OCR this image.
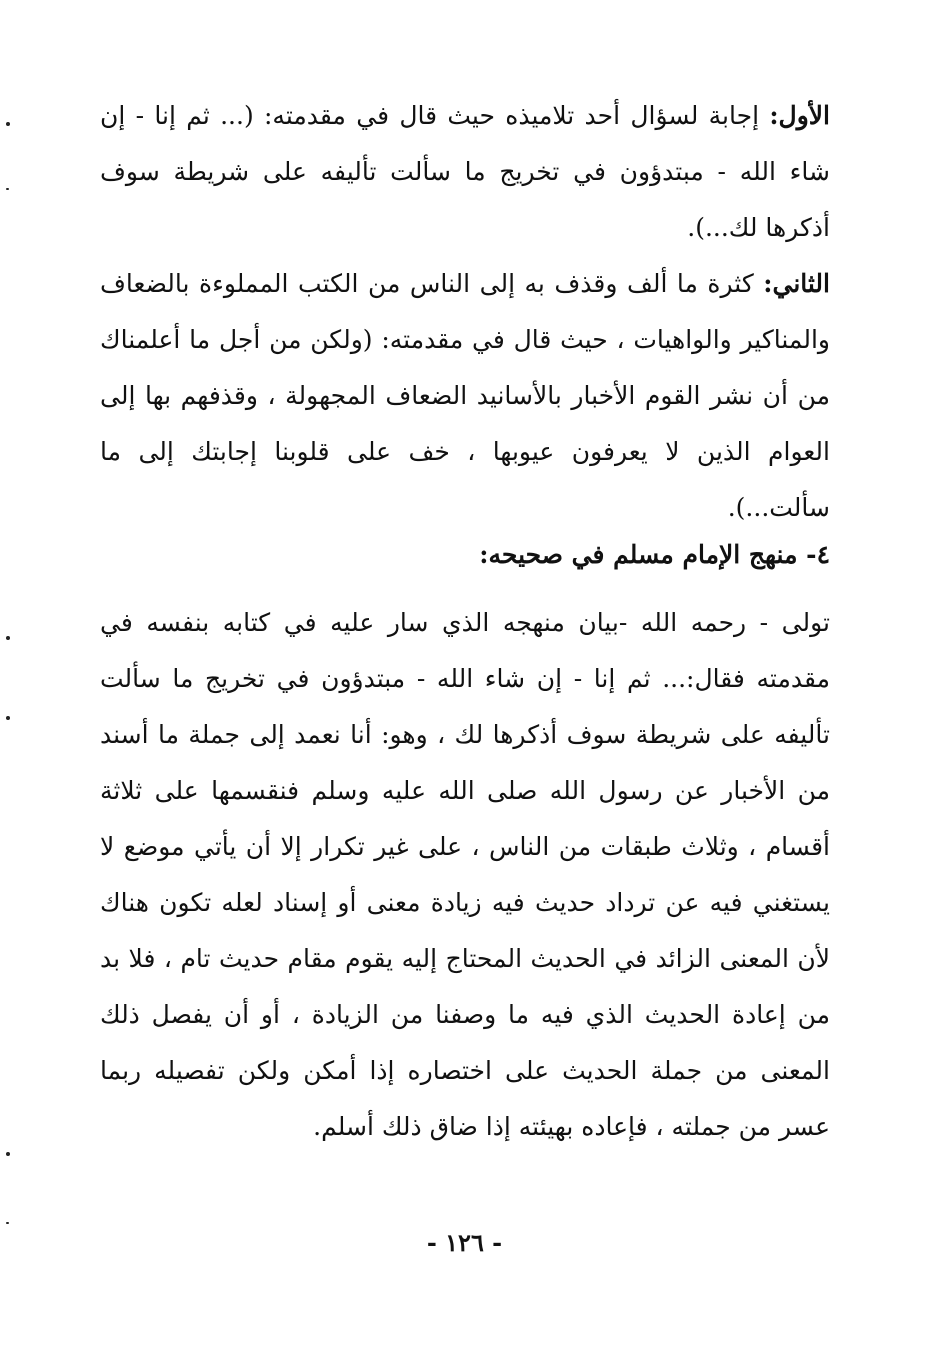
الأول: إجابة لسؤال أحد تلاميذه حيث قال في مقدمته: (... ثم إنا - إن شاء الله - مبتدؤون في تخريج ما سألت تأليفه على شريطة سوف أذكرها لك...).
الثاني: كثرة ما ألف وقذف به إلى الناس من الكتب المملوءة بالضعاف والمناكير والواهيات ، حيث قال في مقدمته: (ولكن من أجل ما أعلمناك من أن نشر القوم الأخبار بالأسانيد الضعاف المجهولة ، وقذفهم بها إلى العوام الذين لا يعرفون عيوبها ، خف على قلوبنا إجابتك إلى ما سألت...).
٤- منهج الإمام مسلم في صحيحه:
تولى - رحمه الله -بيان منهجه الذي سار عليه في كتابه بنفسه في مقدمته فقال:... ثم إنا - إن شاء الله - مبتدؤون في تخريج ما سألت تأليفه على شريطة سوف أذكرها لك ، وهو: أنا نعمد إلى جملة ما أسند من الأخبار عن رسول الله صلى الله عليه وسلم فنقسمها على ثلاثة أقسام ، وثلاث طبقات من الناس ، على غير تكرار إلا أن يأتي موضع لا يستغني فيه عن ترداد حديث فيه زيادة معنى أو إسناد لعله تكون هناك لأن المعنى الزائد في الحديث المحتاج إليه يقوم مقام حديث تام ، فلا بد من إعادة الحديث الذي فيه ما وصفنا من الزيادة ، أو أن يفصل ذلك المعنى من جملة الحديث على اختصاره إذا أمكن ولكن تفصيله ربما عسر من جملته ، فإعاده بهيئته إذا ضاق ذلك أسلم.
- ١٢٦ -
